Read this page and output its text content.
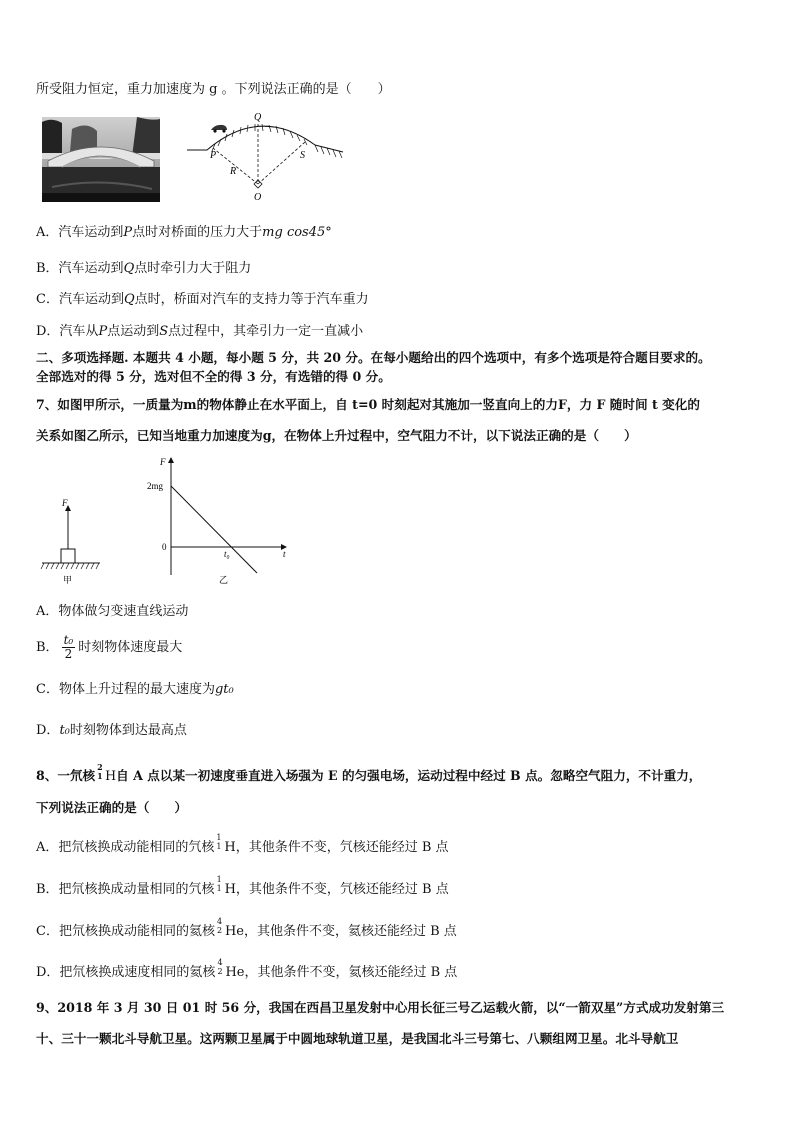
所受阻力恒定，重力加速度为 g 。下列说法正确的是（　　）
Q
P	S
R
O
A．汽车运动到P点时对桥面的压力大于mg cos45°
B．汽车运动到Q点时牵引力大于阻力
C．汽车运动到Q点时，桥面对汽车的支持力等于汽车重力
D．汽车从P点运动到S点过程中，其牵引力一定一直减小
二、多项选择题. 本题共 4 小题，每小题 5 分，共 20 分。在每小题给出的四个选项中，有多个选项是符合题目要求的。
全部选对的得 5 分，选对但不全的得 3 分，有选错的得 0 分。
7、如图甲所示，一质量为m的物体静止在水平面上，自 t=0 时刻起对其施加一竖直向上的力F，力 F 随时间 t 变化的
关系如图乙所示，已知当地重力加速度为g，在物体上升过程中，空气阻力不计，以下说法正确的是（　　）
F
甲
F
2mg
0
t₀	t
乙
A．物体做匀变速直线运动
B． $\frac{\text{t₀}}{2}$ 时刻物体速度最大
C．物体上升过程的最大速度为gt₀
D．t₀时刻物体到达最高点
8、一氘核
2
1 H自 A 点以某一初速度垂直进入场强为 E 的匀强电场，运动过程中经过 B 点。忽略空气阻力，不计重力，
下列说法正确的是（　　）
A．把氘核换成动能相同的氕核
1
1 H，其他条件不变，氕核还能经过 B 点
B．把氘核换成动量相同的氕核
1
1 H，其他条件不变，氕核还能经过 B 点
C．把氘核换成动能相同的氦核
4
2 He，其他条件不变，氦核还能经过 B 点
D．把氘核换成速度相同的氦核
4
2 He，其他条件不变，氦核还能经过 B 点
9、2018 年 3 月 30 日 01 时 56 分，我国在西昌卫星发射中心用长征三号乙运载火箭，以“一箭双星”方式成功发射第三
十、三十一颗北斗导航卫星。这两颗卫星属于中圆地球轨道卫星，是我国北斗三号第七、八颗组网卫星。北斗导航卫
